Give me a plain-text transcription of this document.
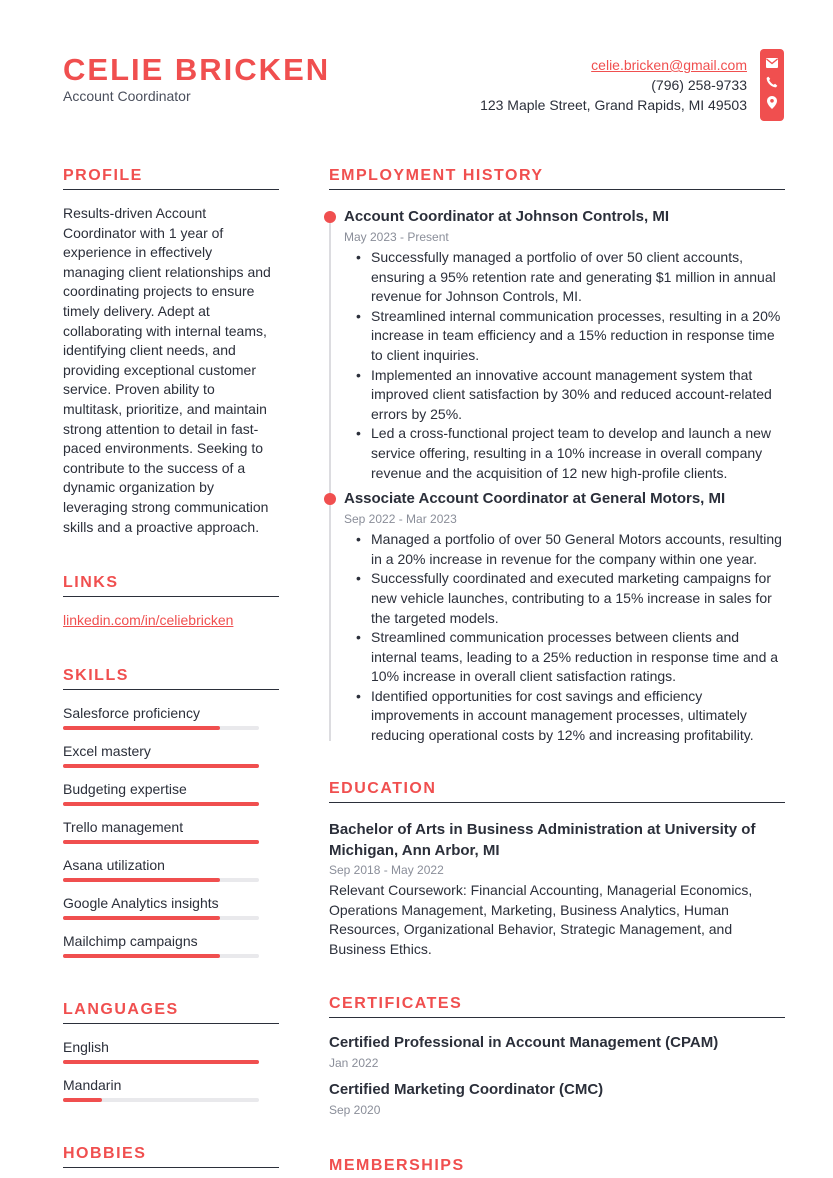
CELIE BRICKEN
Account Coordinator
celie.bricken@gmail.com
(796) 258-9733
123 Maple Street, Grand Rapids, MI 49503
PROFILE

Results-driven Account Coordinator with 1 year of experience in effectively managing client relationships and coordinating projects to ensure timely delivery. Adept at collaborating with internal teams, identifying client needs, and providing exceptional customer service. Proven ability to multitask, prioritize, and maintain strong attention to detail in fast-paced environments. Seeking to contribute to the success of a dynamic organization by leveraging strong communication skills and a proactive approach.

LINKS
linkedin.com/in/celiebricken
SKILLS
Salesforce proficiency
Excel mastery
Budgeting expertise
Trello management
Asana utilization
Google Analytics insights
Mailchimp campaigns
LANGUAGES
English
Mandarin
HOBBIES
EMPLOYMENT HISTORY
Account Coordinator at Johnson Controls, MI
May 2023 - Present
• Successfully managed a portfolio of over 50 client accounts, ensuring a 95% retention rate and generating $1 million in annual revenue for Johnson Controls, MI.
• Streamlined internal communication processes, resulting in a 20% increase in team efficiency and a 15% reduction in response time to client inquiries.
• Implemented an innovative account management system that improved client satisfaction by 30% and reduced account-related errors by 25%.
• Led a cross-functional project team to develop and launch a new service offering, resulting in a 10% increase in overall company revenue and the acquisition of 12 new high-profile clients.
Associate Account Coordinator at General Motors, MI
Sep 2022 - Mar 2023
• Managed a portfolio of over 50 General Motors accounts, resulting in a 20% increase in revenue for the company within one year.
• Successfully coordinated and executed marketing campaigns for new vehicle launches, contributing to a 15% increase in sales for the targeted models.
• Streamlined communication processes between clients and internal teams, leading to a 25% reduction in response time and a 10% increase in overall client satisfaction ratings.
• Identified opportunities for cost savings and efficiency improvements in account management processes, ultimately reducing operational costs by 12% and increasing profitability.
EDUCATION
Bachelor of Arts in Business Administration at University of Michigan, Ann Arbor, MI
Sep 2018 - May 2022
Relevant Coursework: Financial Accounting, Managerial Economics, Operations Management, Marketing, Business Analytics, Human Resources, Organizational Behavior, Strategic Management, and Business Ethics.
CERTIFICATES
Certified Professional in Account Management (CPAM)
Jan 2022
Certified Marketing Coordinator (CMC)
Sep 2020
MEMBERSHIPS
